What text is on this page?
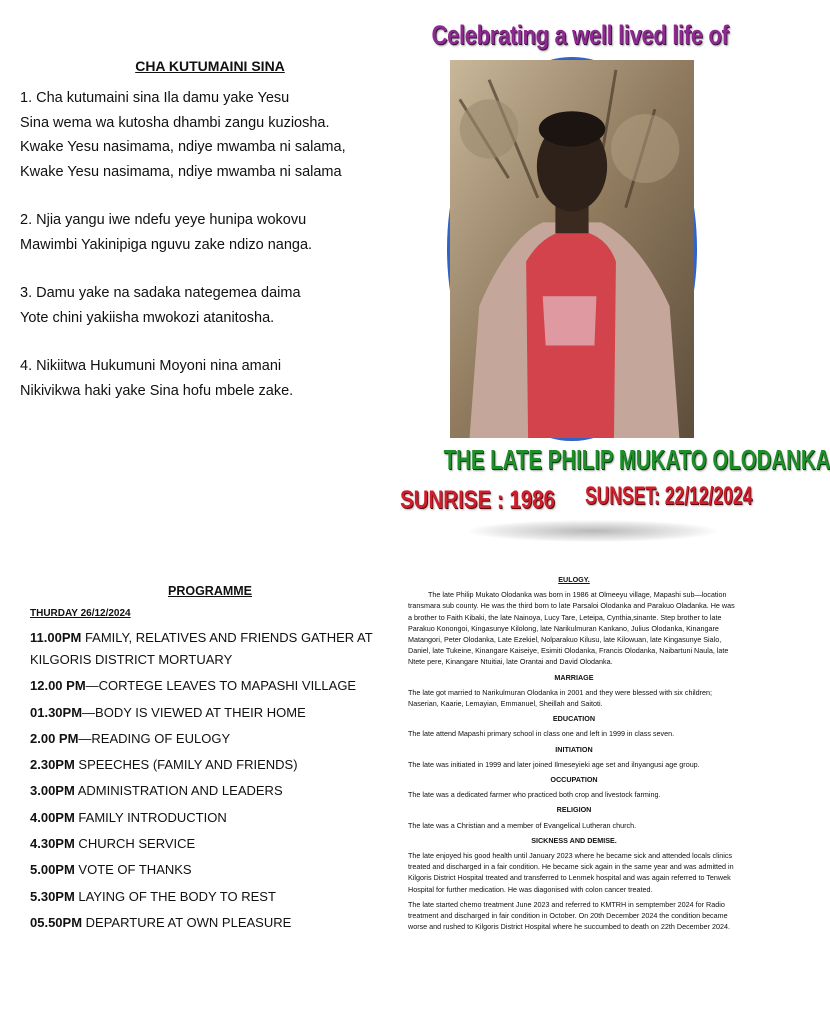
CHA KUTUMAINI SINA
1. Cha kutumaini sina Ila damu yake Yesu
Sina wema wa kutosha dhambi zangu kuziosha.
Kwake Yesu nasimama, ndiye mwamba ni salama,
Kwake Yesu nasimama, ndiye mwamba ni salama
2. Njia yangu iwe ndefu yeye hunipa wokovu
Mawimbi Yakinipiga nguvu zake ndizo nanga.
3. Damu yake na sadaka nategemea daima
Yote chini yakiisha mwokozi atanitosha.
4. Nikiitwa Hukumuni Moyoni nina amani
Nikivikwa haki yake Sina hofu mbele zake.
Celebrating a well lived life of
THE LATE PHILIP MUKATO OLODANKA
SUNRISE : 1986 SUNSET: 22/12/2024
PROGRAMME
THURDAY 26/12/2024
11.00PM FAMILY, RELATIVES AND FRIENDS GATHER AT KILGORIS DISTRICT MORTUARY
12.00 PM—CORTEGE LEAVES TO MAPASHI VILLAGE
01.30PM—BODY IS VIEWED AT THEIR HOME
2.00 PM—READING OF EULOGY
2.30PM SPEECHES (FAMILY AND FRIENDS)
3.00PM ADMINISTRATION AND LEADERS
4.00PM FAMILY INTRODUCTION
4.30PM CHURCH SERVICE
5.00PM VOTE OF THANKS
5.30PM LAYING OF THE BODY TO REST
05.50PM DEPARTURE AT OWN PLEASURE
EULOGY.
The late Philip Mukato Olodanka was born in 1986 at Olmeeyu village, Mapashi sub—location transmara sub county. He was the third born to late Parsaloi Olodanka and Parakuo Oladanka. He was a brother to Faith Kibaki, the late Nainoya, Lucy Tare, Leteipa, Cynthia,sinante. Step brother to late Parakuo Konongoi, Kingasunye Kilolong, late Narikulmuran Kankano, Julius Olodanka, Kinangare Matangori, Peter Olodanka, Late Ezekiel, Nolparakuo Kilusu, late Kilowuan, late Kingasunye Sialo, Daniel, late Tukeine, Kinangare Kaiseiye, Esimiti Olodanka, Francis Olodanka, Naibartuni Naula, late Ntete pere, Kinangare Ntuitiai, late Orantai and David Olodanka.
MARRIAGE
The late got married to Narikulmuran Olodanka in 2001 and they were blessed with six children; Naserian, Kaarie, Lemayian, Emmanuel, Sheillah and Saitoti.
EDUCATION
The late attend Mapashi primary school in class one and left in 1999 in class seven.
INITIATION
The late was initiated in 1999 and later joined Ilmeseyieki age set and ilnyangusi age group.
OCCUPATION
The late was a dedicated farmer who practiced both crop and livestock farming.
RELIGION
The late was a Christian and a member of Evangelical Lutheran church.
SICKNESS AND DEMISE.
The late enjoyed his good health until January 2023 where he became sick and attended locals clinics treated and discharged in a fair condition. He became sick again in the same year and was admitted in Kilgoris District Hospital treated and transferred to Lenmek hospital and was again referred to Tenwek Hospital for further medication. He was diagonised with colon cancer treated.
The late started chemo treatment June 2023 and referred to KMTRH in semptember 2024 for Radio treatment and discharged in fair condition in October. On 20th December 2024 the condition became worse and rushed to Kilgoris District Hospital where he succumbed to death on 22th December 2024.
